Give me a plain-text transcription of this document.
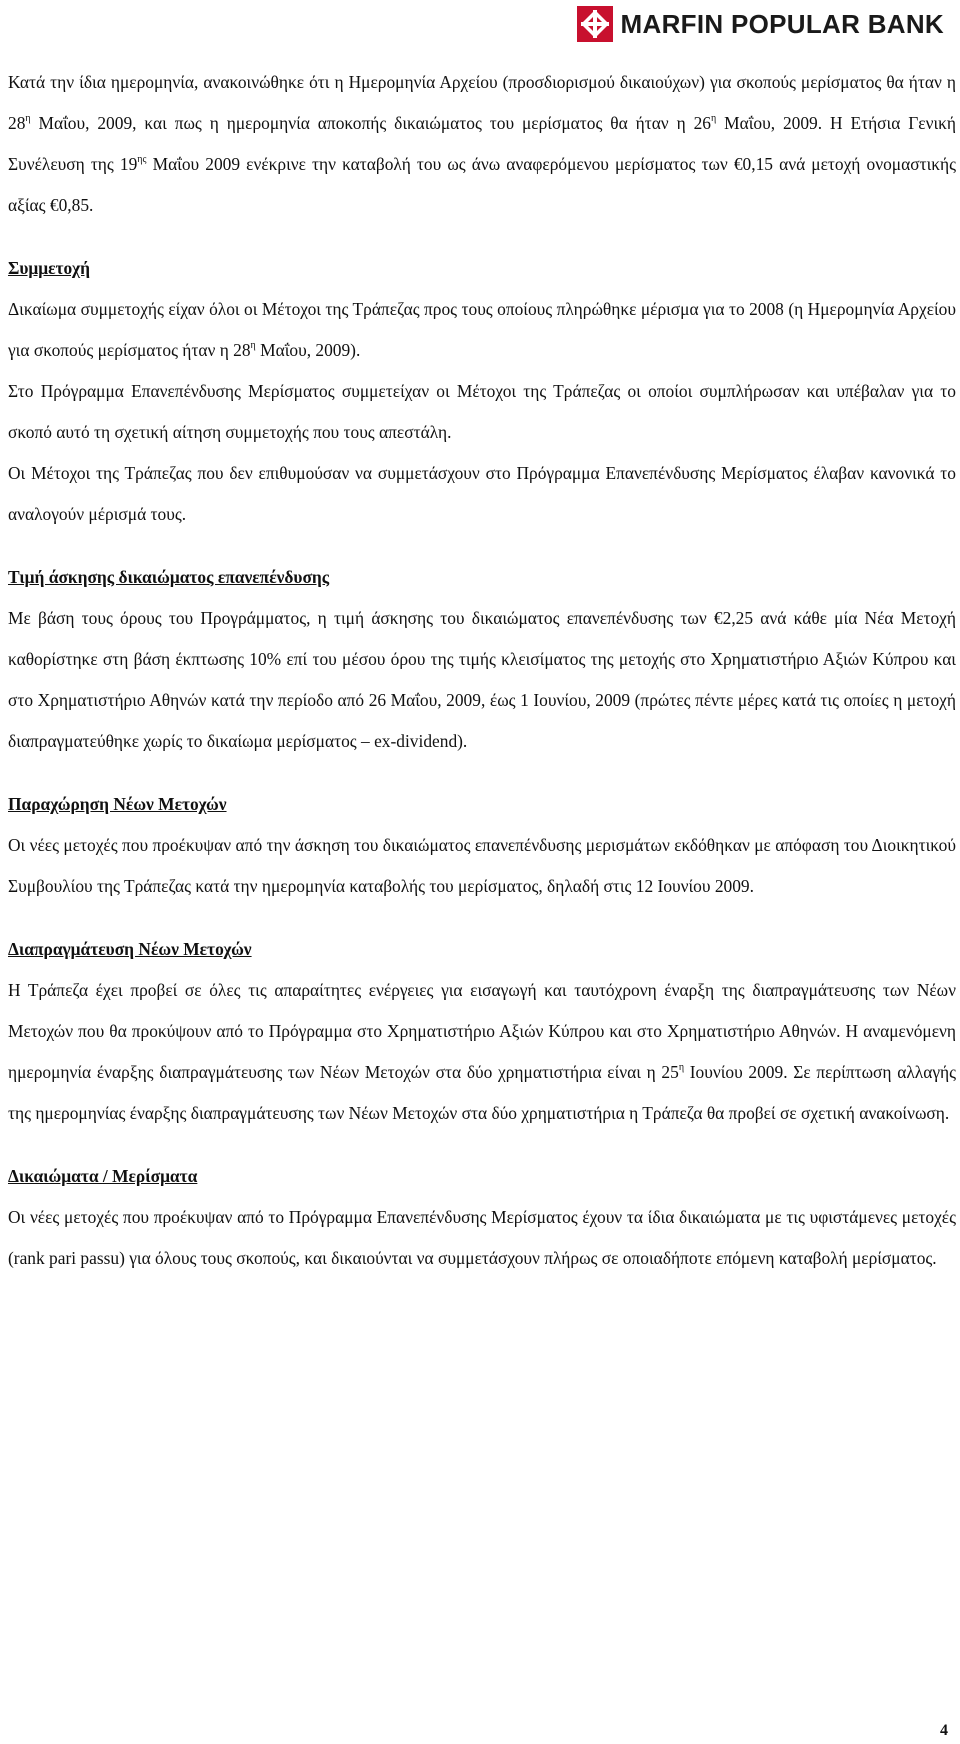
MARFIN POPULAR BANK

Κατά την ίδια ημερομηνία, ανακοινώθηκε ότι η Ημερομηνία Αρχείου (προσδιορισμού δικαιούχων) για σκοπούς μερίσματος θα ήταν η $28^\eta$ Μαΐου, 2009, και πως η ημερομηνία αποκοπής δικαιώματος του μερίσματος θα ήταν η $26^\eta$ Μαΐου, 2009. Η Ετήσια Γενική Συνέλευση της $19^{\eta\varsigma}$ Μαΐου 2009 ενέκρινε την καταβολή του ως άνω αναφερόμενου μερίσματος των €0,15 ανά μετοχή ονομαστικής αξίας €0,85.

Συμμετοχή

Δικαίωμα συμμετοχής είχαν όλοι οι Μέτοχοι της Τράπεζας προς τους οποίους πληρώθηκε μέρισμα για το 2008 (η Ημερομηνία Αρχείου για σκοπούς μερίσματος ήταν η $28^\eta$ Μαΐου, 2009).

Στο Πρόγραμμα Επανεπένδυσης Μερίσματος συμμετείχαν οι Μέτοχοι της Τράπεζας οι οποίοι συμπλήρωσαν και υπέβαλαν για το σκοπό αυτό τη σχετική αίτηση συμμετοχής που τους απεστάλη.

Οι Μέτοχοι της Τράπεζας που δεν επιθυμούσαν να συμμετάσχουν στο Πρόγραμμα Επανεπένδυσης Μερίσματος έλαβαν κανονικά το αναλογούν μέρισμά τους.

Τιμή άσκησης δικαιώματος επανεπένδυσης

Με βάση τους όρους του Προγράμματος, η τιμή άσκησης του δικαιώματος επανεπένδυσης των €2,25 ανά κάθε μία Νέα Μετοχή καθορίστηκε στη βάση έκπτωσης 10% επί του μέσου όρου της τιμής κλεισίματος της μετοχής στο Χρηματιστήριο Αξιών Κύπρου και στο Χρηματιστήριο Αθηνών κατά την περίοδο από 26 Μαΐου, 2009, έως 1 Ιουνίου, 2009 (πρώτες πέντε μέρες κατά τις οποίες η μετοχή διαπραγματεύθηκε χωρίς το δικαίωμα μερίσματος – ex-dividend).

Παραχώρηση Νέων Μετοχών

Οι νέες μετοχές που προέκυψαν από την άσκηση του δικαιώματος επανεπένδυσης μερισμάτων εκδόθηκαν με απόφαση του Διοικητικού Συμβουλίου της Τράπεζας κατά την ημερομηνία καταβολής του μερίσματος, δηλαδή στις 12 Ιουνίου 2009.

Διαπραγμάτευση Νέων Μετοχών

Η Τράπεζα έχει προβεί σε όλες τις απαραίτητες ενέργειες για εισαγωγή και ταυτόχρονη έναρξη της διαπραγμάτευσης των Νέων Μετοχών που θα προκύψουν από το Πρόγραμμα στο Χρηματιστήριο Αξιών Κύπρου και στο Χρηματιστήριο Αθηνών. Η αναμενόμενη ημερομηνία έναρξης διαπραγμάτευσης των Νέων Μετοχών στα δύο χρηματιστήρια είναι η $25^\eta$ Ιουνίου 2009. Σε περίπτωση αλλαγής της ημερομηνίας έναρξης διαπραγμάτευσης των Νέων Μετοχών στα δύο χρηματιστήρια η Τράπεζα θα προβεί σε σχετική ανακοίνωση.

Δικαιώματα / Μερίσματα

Οι νέες μετοχές που προέκυψαν από το Πρόγραμμα Επανεπένδυσης Μερίσματος έχουν τα ίδια δικαιώματα με τις υφιστάμενες μετοχές (rank pari passu) για όλους τους σκοπούς, και δικαιούνται να συμμετάσχουν πλήρως σε οποιαδήποτε επόμενη καταβολή μερίσματος.

4
